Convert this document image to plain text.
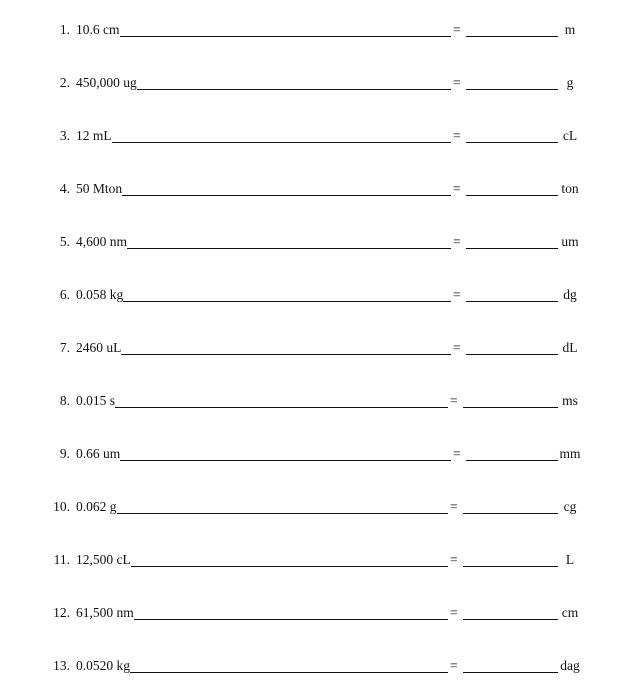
1. 10.6 cm	=	m
2. 450,000 ug	=	g
3. 12 mL	=	cL
4. 50 Mton	=	ton
5. 4,600 nm	=	um
6. 0.058 kg	=	dg
7. 2460 uL	=	dL
8. 0.015 s	=	ms
9. 0.66 um	=	mm
10. 0.062 g	=	cg
11. 12,500 cL	=	L
12. 61,500 nm	=	cm
13. 0.0520 kg	=	dag
